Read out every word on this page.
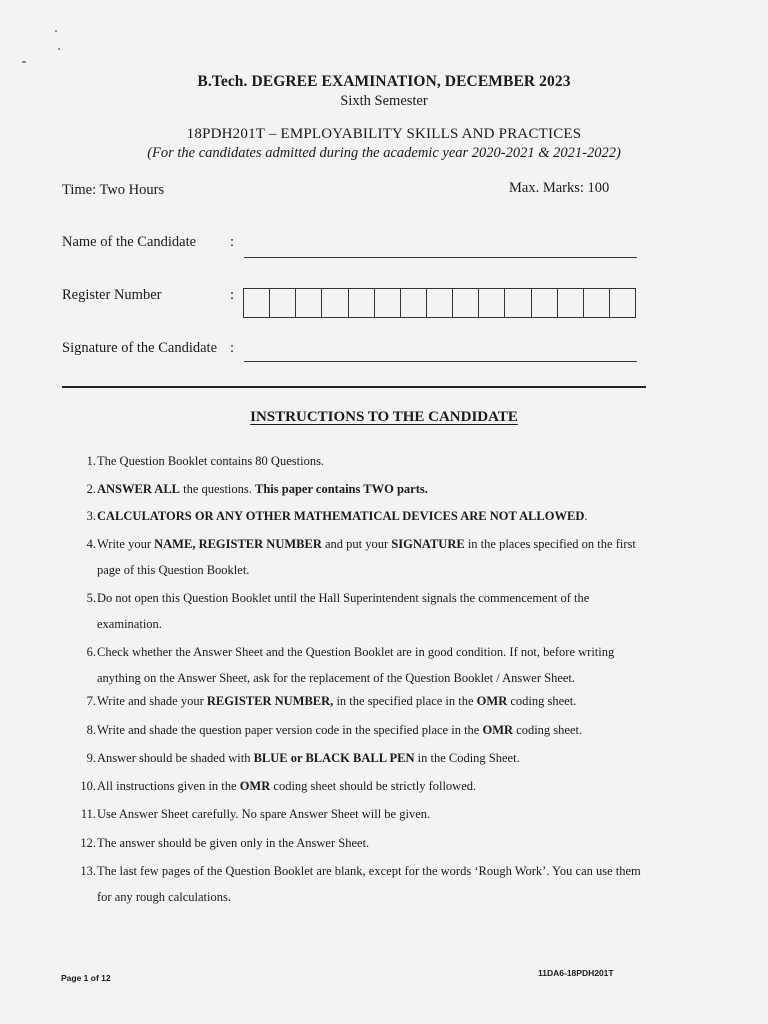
B.Tech. DEGREE EXAMINATION, DECEMBER 2023
Sixth Semester
18PDH201T – EMPLOYABILITY SKILLS AND PRACTICES
(For the candidates admitted during the academic year 2020-2021 & 2021-2022)
Time: Two Hours	Max. Marks: 100
Name of the Candidate :
Register Number	:
Signature of the Candidate :
INSTRUCTIONS TO THE CANDIDATE
1. The Question Booklet contains 80 Questions.
2. ANSWER ALL the questions. This paper contains TWO parts.
3. CALCULATORS OR ANY OTHER MATHEMATICAL DEVICES ARE NOT ALLOWED.
4. Write your NAME, REGISTER NUMBER and put your SIGNATURE in the places specified on the first page of this Question Booklet.
5. Do not open this Question Booklet until the Hall Superintendent signals the commencement of the examination.
6. Check whether the Answer Sheet and the Question Booklet are in good condition. If not, before writing anything on the Answer Sheet, ask for the replacement of the Question Booklet / Answer Sheet.
7. Write and shade your REGISTER NUMBER, in the specified place in the OMR coding sheet.
8. Write and shade the question paper version code in the specified place in the OMR coding sheet.
9. Answer should be shaded with BLUE or BLACK BALL PEN in the Coding Sheet.
10. All instructions given in the OMR coding sheet should be strictly followed.
11. Use Answer Sheet carefully. No spare Answer Sheet will be given.
12. The answer should be given only in the Answer Sheet.
13. The last few pages of the Question Booklet are blank, except for the words ‘Rough Work’. You can use them for any rough calculations.
Page 1 of 12	11DA6-18PDH201T
